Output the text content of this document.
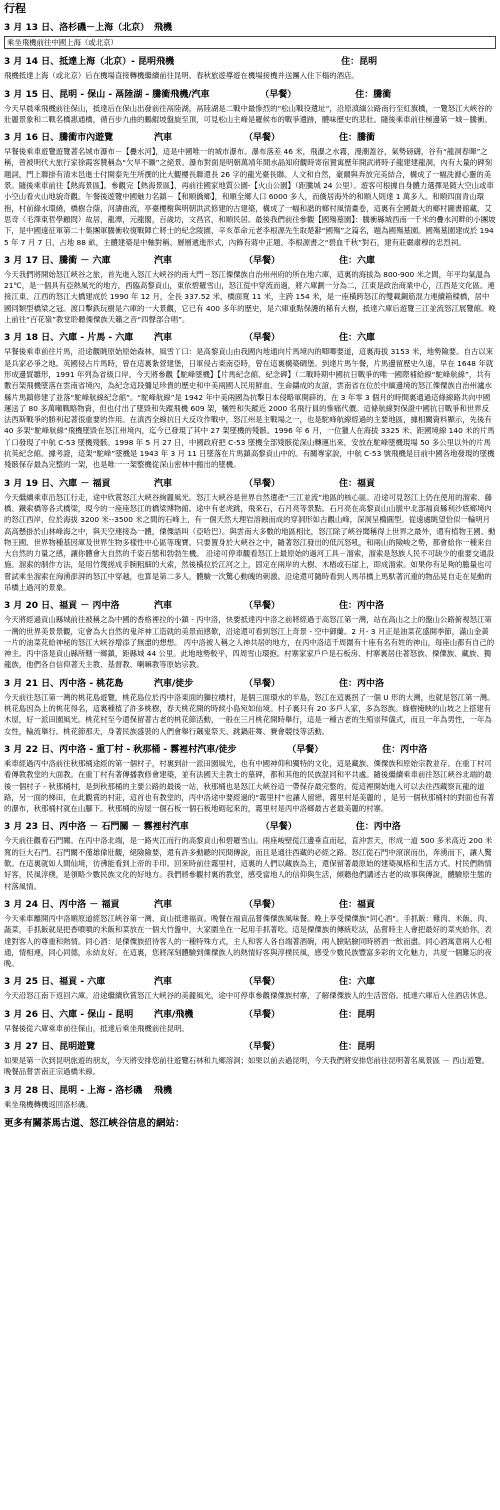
行程
3 月 13 日、洛杉磯－上海（北京） 飛機
乘坐飛機前往中國上海（或北京）
3 月 14 日、抵達上海（北京）- 昆明 飛機	住：昆明
飛機抵達上海（或北京）后在機場直接轉機繼續前往昆明。春秋旅遊導遊在機場接機并送團入住下榻的酒店。
3 月 15 日、昆明 - 保山 - 鬲陸湖 - 騰衝 飛機/汽車	（早餐）	住：騰衝
今天早晨乘飛機前往保山，抵達后在保山出發前往鬲陸湖，鬲陸湖是二戰中最慘烈的“松山戰役遺址”，沿原滇緬公路南行至紅旗橋，一覽怒江大峽谷的壯麗景象和二戰名橋惠通橋，循百步九曲的鵬鯤坡盤旋至頂，可見松山主峰是羅候布的戰爭遺跡，體味歷史的悲壯。隨後乘車前往極邊第一城－騰衝。
3 月 16 日、騰衝市內遊覽	汽車	（早餐）	住：騰衝
早餐後乘車遊覽遊覽著名城市瀑布－【疊水河】，這是中國唯一的城市瀑布。瀑布落差 46 米，飛瀑之水霧，漫潮蓋谷，氣勢磅礴，谷有“龍洞春暉”之稱，曾被明代大旅行家徐霞客贊稱為“欠旱不曠”之絕景。瀑布對面是明朝萬靖年間水晶知府觀時寄宿置寓歷年開武將時子龍建建龍洞，內有大量的碑刻題詞，門上聯掛有清末邑進士付開泰先生所撰的比大觀樓長聯還長 26 字的龍光臺長聯。人文和自然，豪爾與奔放完美結合，構成了一幅洗滌心靈的美景。隨後乘車前往【熱海景區】。參觀完【熱海景區】，再前往國家地質公園-【火山公園】（距騰城 24 公里）。遊客可根據自身體力選擇是随大空山或車小空山看火山地貌奇觀。午餐後遊覽中國魅力名鎮－【和順僑鄉】，和順全鄉人口 6000 多人，而僑居海外的和順人則達 1 萬多人。和順四面青山環抱，村前綠水環繞，橋樹合蔭，河濤曲流，亭臺樓榭與明朝洪武修建的古建築，構成了一幅和諧的鄉村風情畫卷，這裏有全國最大的鄉村圖書館藏、艾思奇（毛澤東哲學顧問）故居，龍潭，元龍閣，百歲坊，文昌宮，和順民居。最後我們前往參觀【國殤墓園】：騰衝縣城西南一千米的疊水河畔的小團坡下，是中國遠征軍第二十集團軍騰衝收復戰陣亡將士的紀念陵園，辛亥革命元老李根源先生取楚辭“國殤”之篇名，題為國殤墓園。國殤墓園建成於 1945 年 7 月 7 日，占地 88 畝，主體建築是中軸對稱、層層遞進形式，內飾有蔣中正題、李根源書之“碧血千秋”對石，建有莊嚴肅穆的忠烈祠。
3 月 17 日、騰衝 － 六庫	汽車	（早餐）	住：六庫
今天我們將開始怒江峽谷之旅，首先進入怒江大峽谷的南大門－怒江傈僳族自治州州府的所在地六庫，這裏的海拔為 800-900 米之間，年平均氣溫為 21℃，是一個具有亞熱風光的地方，西臨高黎貢山，東依碧羅雪山，怒江從中穿流而過，將六庫劃一分為二，江東是政治商業中心，江西是文化區。連接江東、江西的怒江大橋建成於 1990 年 12 月，全長 337.52 米，橋面寬 11 米，主跨 154 米，是一座橫跨怒江的雙載鋼筋混力連續箱樑橋，居中國同類型橋梁之冠。渡口擊鉄玩樹是六庫的一大景觀，它已有 400 多年的歷史，是六庫重點保護的稀有大樹，抵達六庫后遊覽三江並流怒江展覽館。晚上前往“百花嶺”教堂聆聽傈僳族天籟之音“四聲部合唱”。
3 月 18 日、六庫 - 片馬 - 六庫	汽車	（早餐）	住：六庫
早餐後乘車前往片馬，沿途觀眺原始原始森林，風雪丫口：是高黎貢山由我國內地通向片馬境內的唧唧要道，這裏海拔 3153 米，地勢險要。自古以來是兵家必爭之地。英國侵占片馬時，曾在這裏紮營建堡，日軍侵占東南亞時，曾在這裏構築碉堡。到達片馬午餐，片馬邊留歷史久遠，早在 1648 年就形成邊貿雛形，1991 年列為省級口岸。今天將參觀【駝峰墜機】【片馬紀念館、紀念碑】（二戰時期中國抗日戰爭的唯一國際補給線“駝峰航線”，共有數百架飛機墜落在雲南省境內，為紀念這段彌足珍貴的歷史和中美兩國人民用鮮血、生命鑄成的友誼，雲南省在位於中緬邊境的怒江傈僳族自治州瀘水縣片馬鎮修建了並落“駝峰航線紀念館”。“駝峰航線”是 1942 年中美兩國為抗擊日本侵略軍開辟的。在 3 年零 3 個月的時間裏通過這條線路共向中國運送了 80 多萬噸戰略物資，但也付出了墜毀和失蹤飛機 609 架，犧牲和失蹤近 2000 名飛行員的慘痛代價。這條航線對保證中國抗日戰爭和世界反法西斯戰爭的勝利起著很重要的作用。在滇西全線抗日大反攻作戰中，怒江州是主戰場之一，也是駝峰航線經過的主要地區，據相關資料顯示，先後有 40 多架“駝峰航線”飛機墜毀在怒江州境內，迄今已發現了其中 27 架墜機的殘骸。1996 年 6 月，一位獵人在海拔 3325 米、距國境線 140 米的片馬丫口發現了中航 C-53 墜機殘骸。1998 年 5 月 27 日，中國政府把 C-53 墜機全部殘骸從深山轉運出來，安放在駝峰墜機現場 50 多公里以外的片馬抗英紀念館。據考證，這架“駝峰”墜機是 1943 年 3 月 11 日墜落在片馬鎮高黎貢山中的。有關專家說，中航 C-53 號飛機是目前中國各地發現的墜機殘骸保存最為完整的一架，也是唯一一架整機從深山密林中搬出的墜機。
3 月 19 日、六庫 － 福貢	汽車	（早餐）	住：福貢
今天繼續乘車沿怒江行走，途中欣賞怒江大峽谷絢麗風光。怒江大峽谷是世界自然遺產“三江並流”地區的核心區。沿途可見怒江上仍在使用的溜索、藤橋、鐵索橋等各式橋梁，現今的一座座怒江的橋梁博物館。途中有老虎跳，飛來石，石月亮等景點。石月亮在高黎貢山山脈中北部福貢縣利沙底鄉境內的怒江西岸，位於海拔 3200 米--3500 米之間的石峰上，有一個天然大理岩溶蝕而成的穿洞形如古觀山峰，深洞呈橢圓型。從遠處眺望恰似一輪明月高高懸掛於山林峰海之中，與天空連接為一體，傈僳語叫（亞哈巴）。與雲南大多數的地區相比，怒江除了峽谷聞稱得上世界之最外，還有植物王國、動物王國、世界物種基因庫及世界生物多樣性中心區等瑰寶。只要置身於大峽谷之中，隨著怒江發出的低沉怒吼，和兩山的險峻之勢，都會給你一種來自大自然的力量之感，讓你體會大自然的千姿百態和勃勃生機。 沿途可停車觀看怒江上最原始的過河工具－溜索，溜索是怒族人民不可缺少的重要交通設施。溜索的制作方法，是用竹蔑搓成手腕粗細的大索，然後橫拉於江河之上，固定在兩岸的大樹、木樁或石崖上，即成溜索。如果你有足夠的膽量也可嘗試乘坐溜索在洶湧澎湃的怒江中穿越，也算是第二多人，體驗一次驚心動魄的刺激。沿途還可隨時看到人馬吊橋上馬馱著沉重的物品晃自走在晃動的吊橋上過河的景象。
3 月 20 日、福貢 － 丙中洛	汽車	（早餐）	住：丙中洛
今天將經過貢山縣城前往被稱之為中國的香格裡拉的小鎮 - 丙中洛，快要抵達丙中洛之前將經過于高怒江第一灣，站在高山之上的盤山公路俯視怒江第一灣的世界美景景觀，定會為大自然的鬼斧神工造就的美景而感歎，沿途還可看到怒江上奇景 - 空中御蘭。2 月- 3 月正是油菜花盛開季節，滿山金黃一片的油菜花給神秘的怒江大峽谷增添了無盡的想想。 丙中洛被人稱之人神共居的地方，在丙中洛這千周圍有十座有名有姓的神山，每座山都有自己的神主。丙中洛是貢山縣所轄一鄉鎮，距縣城 44 公里。此地地勢較平，四周雪山環抱。村寨家家戶戶是石板房、村寨裏居住著怒族、傈僳族、藏族、獨龍族，他們各自信仰著天主教、基督教、喇嘛教等原始宗教。
3 月 21 日、丙中洛 - 桃花島	汽車/徒步	（早餐）	住：丙中洛
今天前往怒江第一灣的桃花島遊覽，桃花島位於丙中洛東面的獅拉橋村，是個三面環水的半島，怒江在這裏拐了一個 U 形的大灣，也就是怒江第一灣。桃花島因為上的桃花得名，這裏種植了許多桃樹，春天桃花開的時候小島宛如仙境。村子裏只有 20 多戶人家，多為怒族。綠樹掩映的山坡之上搭建有木屋，好一派田園風光。桃花村至今還保留著古老的桃花節活動，一般在三月桃花開時舉行，這是一種古老的生殖崇拜儀式，而且一年為男性，一年為女性，輪流舉行。桃花節那天，身著民族盛裝的人們會舉行飆鬼祭天、跳鍋莊舞、賽會競技等活動。
3 月 22 日、丙中洛 - 重丁村 - 秋那桶 - 霧裡村 汽車/徒步	（早餐）	住：丙中洛
乘車經過丙中洛前往秋那桶途經的第一個村子，村裏到計一派田園風光，也有中國神仰和獨特的文化，這是藏族、傈僳族和原始宗教並存。在重丁村可看傳教教堂的大面教。在重丁村有著傳播教修會建築，並有法國天主教士的墓碑，都和其他的民族混同和平共處。隨後繼續乘車前往怒江峽谷北端的最後一個村子 - 秋那桶村，是到秋那桶的主要公路的最後一站，秋那桶也是怒江大峽谷這一帶保存最完整的，從這裡開始進入可以去往西藏察瓦龍的道路，另一面的梯田，在此觀賞的村莊，這首也有教堂的，丙中洛途中要經過的“霧里村”也讓人留戀，霧里村是美麗的 ，是另一個秋那桶村的對面也有著的瀑布，秋那桶村就在山腳下。秋那桶的房屋一個石板一個石板地砌起來的，霧里村是丙中洛鄉最古老最美麗的村寨。
3 月 23 日、丙中洛 － 石門關 － 霧裡村 汽車	（早餐）	住：丙中洛
今天前往觀看石門關。在丙中洛北端，是一路夾江而行的高黎貢山和碧羅雪山。兩座峻壁從江邊垂直而起，直沖雲天，形成一道 500 多米高近 200 米寬的巨大石門。石門關不僅雄偉壯觀，絕險險要，還有許多動聽的民間傳說，而且是通往西藏的必經之路。怒江從石門中滾滾而出，奔湧而下，讓人驚歎。在這裏就如人間仙境，彷彿能看到上帝的手印。回來時前往霧里村，這裏的人們以藏族為主，還保留著最原始的建築風格和生活方式。村民們熱情好客，民風淳樸，是領略少數民族文化的好地方。我們將參觀村裏的教堂，感受當地人的信仰與生活，傾聽他們講述古老的故事與傳說，體驗原生態的村落風情。
3 月 24 日、丙中洛 － 福貢	汽車	（早餐）	住：福貢
今天乘車離開丙中洛順原道經怒江峽谷第一灣、貢山抵達福貢。晚餐在福貢品嘗傈僳族風味餐。晚上享受傈僳族“同心酒”。手抓飯：雞肉、米飯、肉、蔬菜，手抓飯就是把香噴噴的米飯和菜放在一個大竹盤中，大家圍坐在一起用手抓著吃。這是傈僳族的傳統吃法，品嘗時主人會把最好的菜夾給你，表達對客人的尊重和熱情。同心酒：是傈僳族招待客人的一種特殊方式，主人和客人各自端著酒碗，兩人臉貼臉同時將酒一飲而盡。同心酒寓意兩人心相通，情相連，同心同德，永結友好。在這裏，您將深刻體驗到傈僳族人的熱情好客與淳樸民風，感受少數民族豐富多彩的文化魅力，共度一個難忘的夜晚。
3 月 25 日、福貢 - 六庫	汽車	（早餐）	住：六庫
今天沿怒江南下返回六庫。沿途繼續欣賞怒江大峽谷的美麗風光，途中可停車參觀傈僳族村寨，了解傈僳族人的生活習俗。抵達六庫后入住酒店休息。
3 月 26 日、六庫 - 保山 - 昆明	汽車/飛機	（早餐）	住：昆明
早餐後從六庫乘車前往保山，抵達后乘坐飛機前往昆明。
3 月 27 日、昆明遊覽	（早餐）	住：昆明
如果是第一次到昆明旅遊的朋友，今天將安排您前往遊覽石林和九鄉溶洞；如果以前去過昆明，今天我們將安排您前往昆明著名風景區 － 西山遊覽。晚餐品嘗雲南正宗過橋米線。
3 月 28 日、昆明 - 上海 - 洛杉磯	飛機
乘坐飛機轉機返回洛杉磯。
更多有關茶馬古道、怒江峽谷信息的網站：
